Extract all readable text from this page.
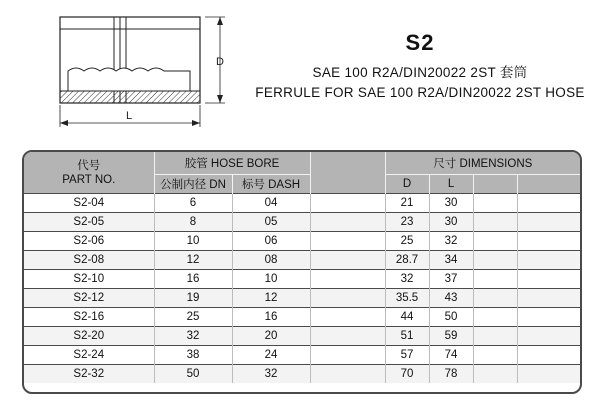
D
L
S2
SAE 100 R2A/DIN20022 2ST 套筒
FERRULE FOR SAE 100 R2A/DIN20022 2ST HOSE
代号
PART NO.	胶管 HOSE BORE			尺寸 DIMENSIONS			
	公制内径 DN	标号 DASH		D	L		
S2-04	6	04		21	30		
S2-05	8	05		23	30		
S2-06	10	06		25	32		
S2-08	12	08		28.7	34		
S2-10	16	10		32	37		
S2-12	19	12		35.5	43		
S2-16	25	16		44	50		
S2-20	32	20		51	59		
S2-24	38	24		57	74		
S2-32	50	32		70	78		
